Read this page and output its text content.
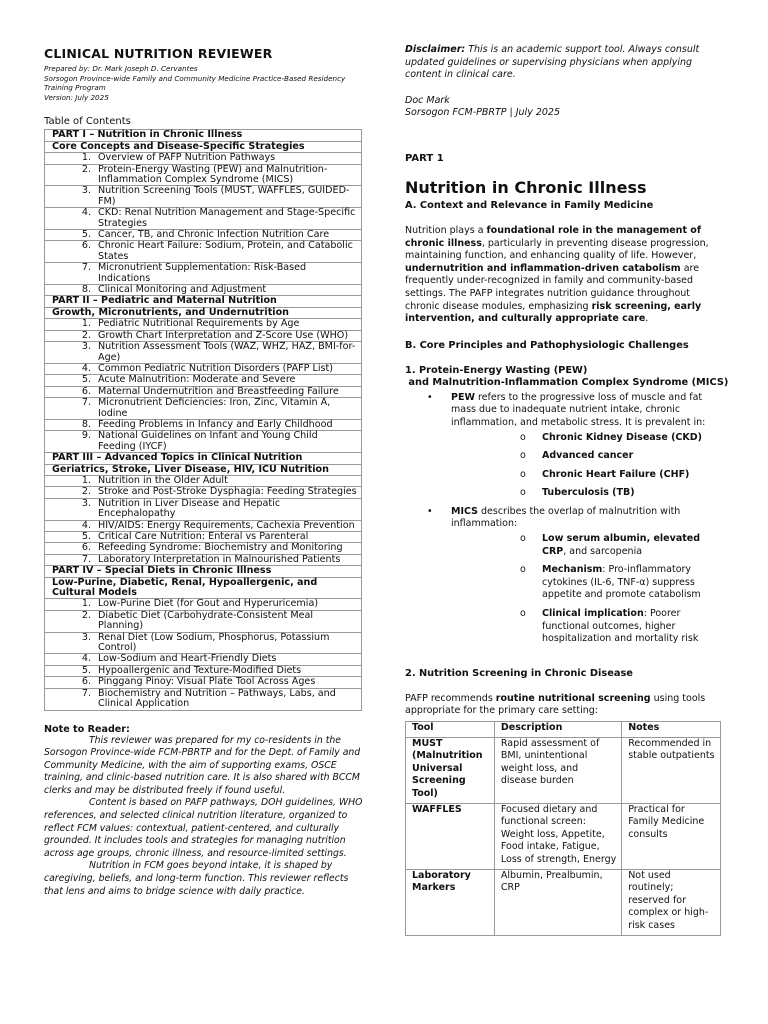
CLINICAL NUTRITION REVIEWER
Prepared by: Dr. Mark Joseph D. Cervantes
Sorsogon Province-wide Family and Community Medicine Practice-Based Residency
Training Program
Version: July 2025
Table of Contents
PART I – Nutrition in Chronic Illness
Core Concepts and Disease-Specific Strategies

1. Overview of PAFP Nutrition Pathways

2. Protein-Energy Wasting (PEW) and Malnutrition-Inflammation Complex Syndrome (MICS)

3. Nutrition Screening Tools (MUST, WAFFLES, GUIDED-FM)

4. CKD: Renal Nutrition Management and Stage-Specific Strategies

5. Cancer, TB, and Chronic Infection Nutrition Care

6. Chronic Heart Failure: Sodium, Protein, and Catabolic States

7. Micronutrient Supplementation: Risk-Based Indications

8. Clinical Monitoring and Adjustment

PART II – Pediatric and Maternal Nutrition
Growth, Micronutrients, and Undernutrition

1. Pediatric Nutritional Requirements by Age

2. Growth Chart Interpretation and Z-Score Use (WHO)

3. Nutrition Assessment Tools (WAZ, WHZ, HAZ, BMI-for-Age)

4. Common Pediatric Nutrition Disorders (PAFP List)

5. Acute Malnutrition: Moderate and Severe

6. Maternal Undernutrition and Breastfeeding Failure

7. Micronutrient Deficiencies: Iron, Zinc, Vitamin A, Iodine

8. Feeding Problems in Infancy and Early Childhood

9. National Guidelines on Infant and Young Child Feeding (IYCF)

PART III – Advanced Topics in Clinical Nutrition
Geriatrics, Stroke, Liver Disease, HIV, ICU Nutrition

1. Nutrition in the Older Adult

2. Stroke and Post-Stroke Dysphagia: Feeding Strategies

3. Nutrition in Liver Disease and Hepatic Encephalopathy

4. HIV/AIDS: Energy Requirements, Cachexia Prevention

5. Critical Care Nutrition: Enteral vs Parenteral

6. Refeeding Syndrome: Biochemistry and Monitoring

7. Laboratory Interpretation in Malnourished Patients

PART IV – Special Diets in Chronic Illness
Low-Purine, Diabetic, Renal, Hypoallergenic, and Cultural Models

1. Low-Purine Diet (for Gout and Hyperuricemia)

2. Diabetic Diet (Carbohydrate-Consistent Meal Planning)

3. Renal Diet (Low Sodium, Phosphorus, Potassium Control)

4. Low-Sodium and Heart-Friendly Diets

5. Hypoallergenic and Texture-Modified Diets

6. Pinggang Pinoy: Visual Plate Tool Across Ages

7. Biochemistry and Nutrition – Pathways, Labs, and Clinical Application
Note to Reader:

This reviewer was prepared for my co-residents in the Sorsogon Province-wide FCM-PBRTP and for the Dept. of Family and Community Medicine, with the aim of supporting exams, OSCE training, and clinic-based nutrition care. It is also shared with BCCM clerks and may be distributed freely if found useful.

Content is based on PAFP pathways, DOH guidelines, WHO references, and selected clinical nutrition literature, organized to reflect FCM values: contextual, patient-centered, and culturally grounded. It includes tools and strategies for managing nutrition across age groups, chronic illness, and resource-limited settings.

Nutrition in FCM goes beyond intake, it is shaped by caregiving, beliefs, and long-term function. This reviewer reflects that lens and aims to bridge science with daily practice.

Disclaimer: This is an academic support tool. Always consult updated guidelines or supervising physicians when applying content in clinical care.
Doc Mark
Sorsogon FCM-PBRTP | July 2025
PART 1
Nutrition in Chronic Illness
A. Context and Relevance in Family Medicine
Nutrition plays a foundational role in the management of chronic illness, particularly in preventing disease progression, maintaining function, and enhancing quality of life. However, undernutrition and inflammation-driven catabolism are frequently under-recognized in family and community-based settings. The PAFP integrates nutrition guidance throughout chronic disease modules, emphasizing risk screening, early intervention, and culturally appropriate care.
B. Core Principles and Pathophysiologic Challenges
1. Protein-Energy Wasting (PEW)
and Malnutrition-Inflammation Complex Syndrome (MICS)
• PEW refers to the progressive loss of muscle and fat mass due to inadequate nutrient intake, chronic inflammation, and metabolic stress. It is prevalent in:
o Chronic Kidney Disease (CKD)
o Advanced cancer
o Chronic Heart Failure (CHF)
o Tuberculosis (TB)
• MICS describes the overlap of malnutrition with inflammation:
o Low serum albumin, elevated CRP, and sarcopenia
o Mechanism: Pro-inflammatory cytokines (IL-6, TNF-α) suppress appetite and promote catabolism
o Clinical implication: Poorer functional outcomes, higher hospitalization and mortality risk
2. Nutrition Screening in Chronic Disease
PAFP recommends routine nutritional screening using tools appropriate for the primary care setting:
Tool	Description	Notes
MUST (Malnutrition Universal Screening Tool)	Rapid assessment of BMI, unintentional weight loss, and disease burden	Recommended in stable outpatients
WAFFLES	Focused dietary and functional screen: Weight loss, Appetite, Food intake, Fatigue, Loss of strength, Energy	Practical for Family Medicine consults
Laboratory Markers	Albumin, Prealbumin, CRP	Not used routinely; reserved for complex or high-risk cases
